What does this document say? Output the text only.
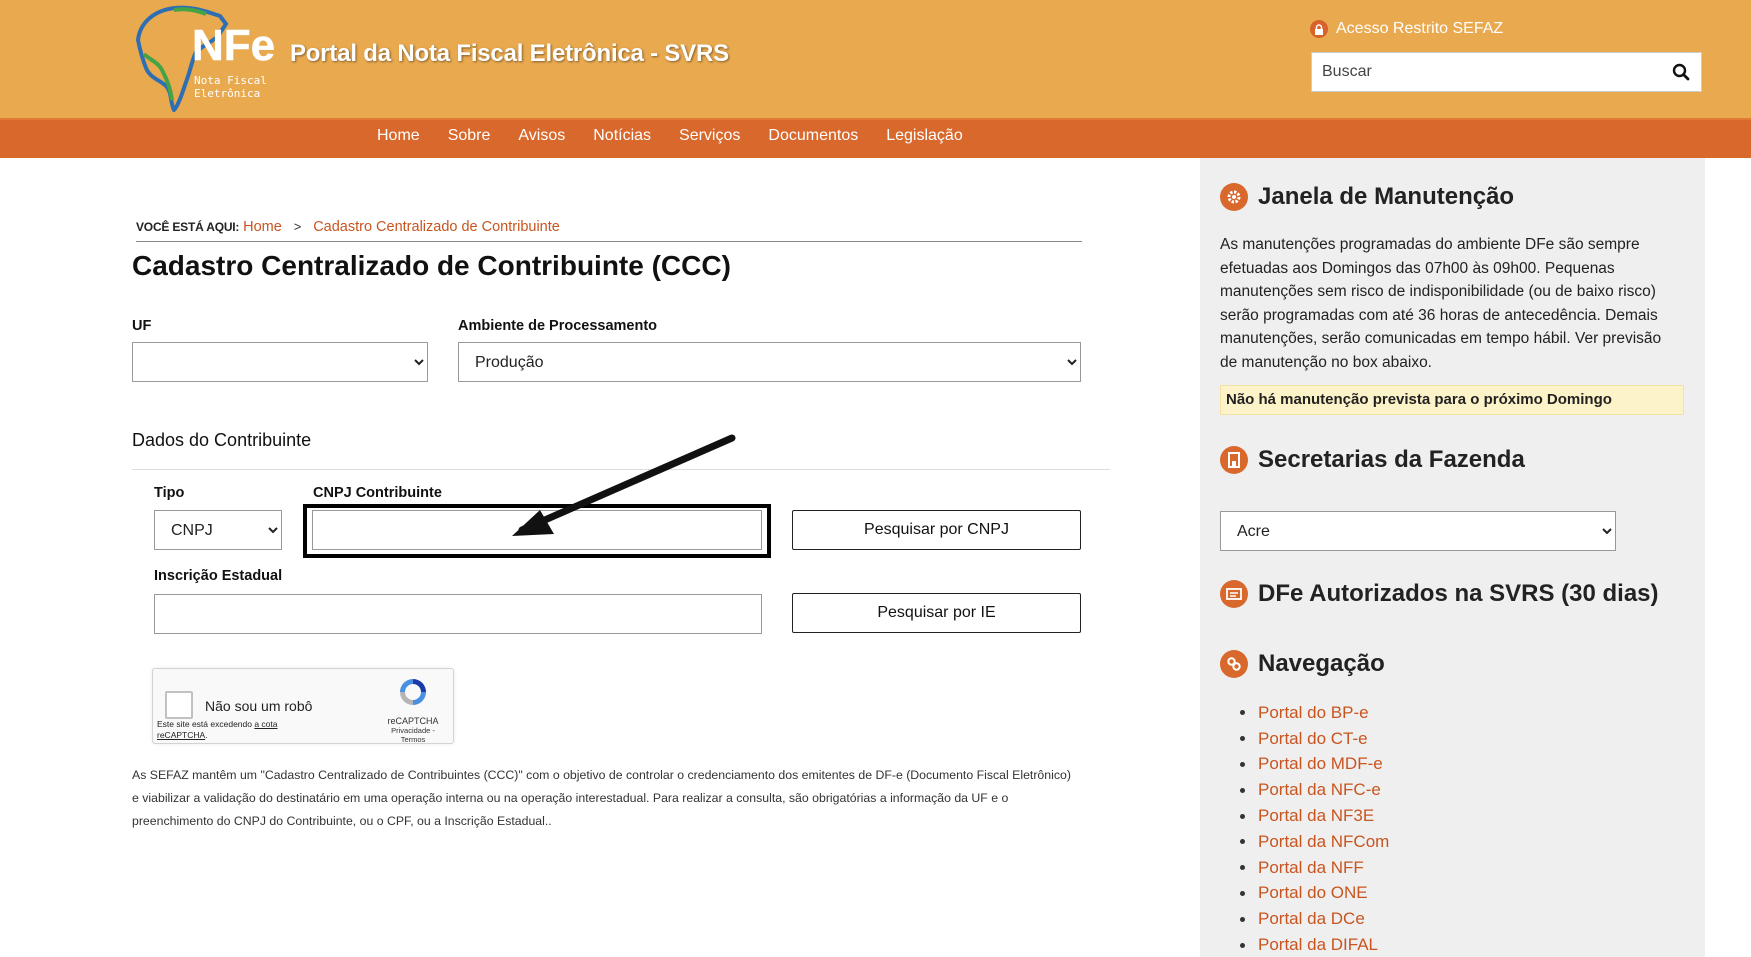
NFe
Nota Fiscal
Eletrônica
Portal da Nota Fiscal Eletrônica - SVRS
Acesso Restrito SEFAZ
Buscar
Home	Sobre	Avisos	Notícias	Serviços	Documentos	Legislação
VOCÊ ESTÁ AQUI: Home > Cadastro Centralizado de Contribuinte
Cadastro Centralizado de Contribuinte (CCC)
UF	Ambiente de Processamento
Produção
Dados do Contribuinte
Tipo
CNPJ	CNPJ Contribuinte
Pesquisar por CNPJ
Inscrição Estadual
Pesquisar por IE
Não sou um robô
Este site está excedendo a cota reCAPTCHA.
reCAPTCHA
Privacidade - Termos

As SEFAZ mantêm um "Cadastro Centralizado de Contribuintes (CCC)" com o objetivo de controlar o credenciamento dos emitentes de DF-e (Documento Fiscal Eletrônico) e viabilizar a validação do destinatário em uma operação interna ou na operação interestadual. Para realizar a consulta, são obrigatórias a informação da UF e o preenchimento do CNPJ do Contribuinte, ou o CPF, ou a Inscrição Estadual..

Janela de Manutenção

As manutenções programadas do ambiente DFe são sempre efetuadas aos Domingos das 07h00 às 09h00. Pequenas manutenções sem risco de indisponibilidade (ou de baixo risco) serão programadas com até 36 horas de antecedência. Demais manutenções, serão comunicadas em tempo hábil. Ver previsão de manutenção no box abaixo.

Não há manutenção prevista para o próximo Domingo
Secretarias da Fazenda
Acre
DFe Autorizados na SVRS (30 dias)
Navegação
Portal do BP-e
Portal do CT-e
Portal do MDF-e
Portal da NFC-e
Portal da NF3E
Portal da NFCom
Portal da NFF
Portal do ONE
Portal da DCe
Portal da DIFAL
